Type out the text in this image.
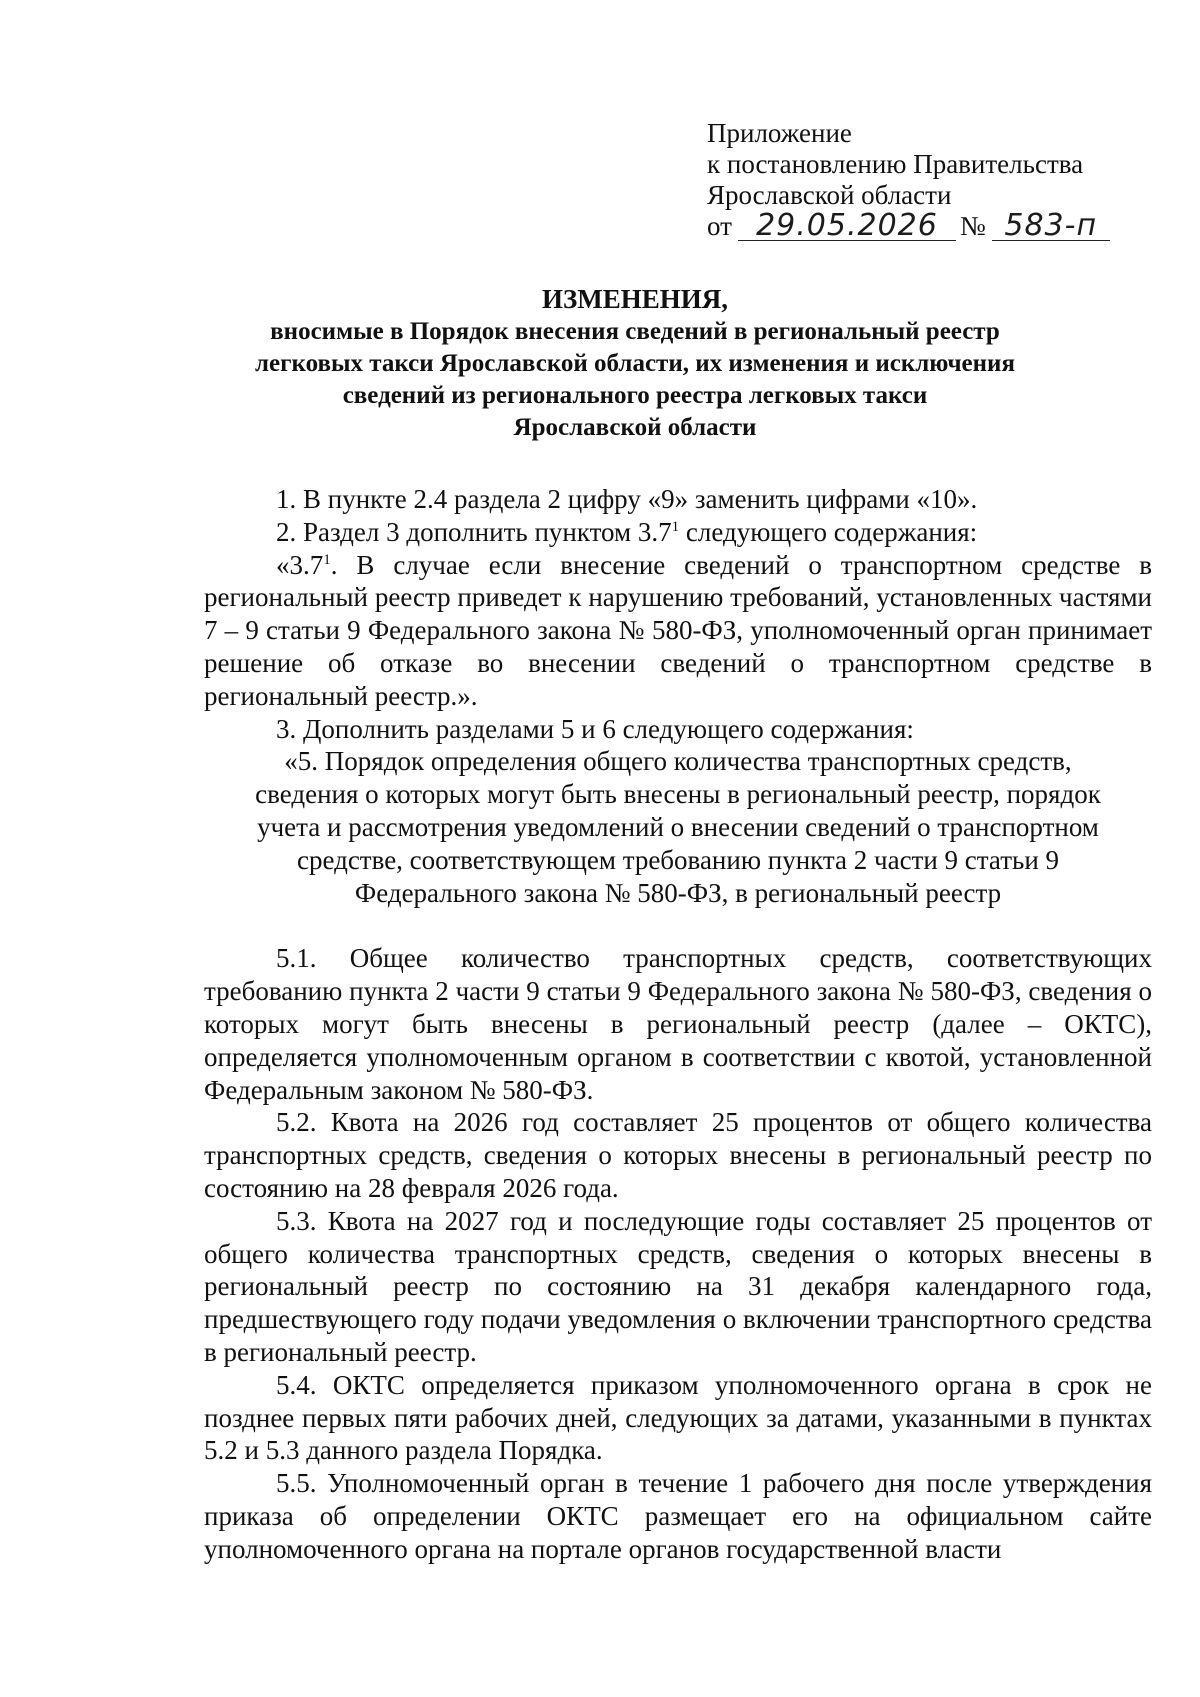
Приложение
к постановлению Правительства
Ярославской области
от 29.05.2026 № 583-п
ИЗМЕНЕНИЯ,
вносимые в Порядок внесения сведений в региональный реестр
легковых такси Ярославской области, их изменения и исключения
сведений из регионального реестра легковых такси
Ярославской области

1. В пункте 2.4 раздела 2 цифру «9» заменить цифрами «10».

2. Раздел 3 дополнить пунктом $3.7^1$ следующего содержания:

«$3.7^1$. В случае если внесение сведений о транспортном средстве в региональный реестр приведет к нарушению требований, установленных частями 7 – 9 статьи 9 Федерального закона № 580-ФЗ, уполномоченный орган принимает решение об отказе во внесении сведений о транспортном средстве в региональный реестр.».

3. Дополнить разделами 5 и 6 следующего содержания:

«5. Порядок определения общего количества транспортных средств,

сведения о которых могут быть внесены в региональный реестр, порядок

учета и рассмотрения уведомлений о внесении сведений о транспортном

средстве, соответствующем требованию пункта 2 части 9 статьи 9

Федерального закона № 580-ФЗ, в региональный реестр

5.1. Общее количество транспортных средств, соответствующих требованию пункта 2 части 9 статьи 9 Федерального закона № 580-ФЗ, сведения о которых могут быть внесены в региональный реестр (далее – ОКТС), определяется уполномоченным органом в соответствии с квотой, установленной Федеральным законом № 580-ФЗ.

5.2. Квота на 2026 год составляет 25 процентов от общего количества транспортных средств, сведения о которых внесены в региональный реестр по состоянию на 28 февраля 2026 года.

5.3. Квота на 2027 год и последующие годы составляет 25 процентов от общего количества транспортных средств, сведения о которых внесены в региональный реестр по состоянию на 31 декабря календарного года, предшествующего году подачи уведомления о включении транспортного средства в региональный реестр.

5.4. ОКТС определяется приказом уполномоченного органа в срок не позднее первых пяти рабочих дней, следующих за датами, указанными в пунктах 5.2 и 5.3 данного раздела Порядка.

5.5. Уполномоченный орган в течение 1 рабочего дня после утверждения приказа об определении ОКТС размещает его на официальном сайте уполномоченного органа на портале органов государственной власти
